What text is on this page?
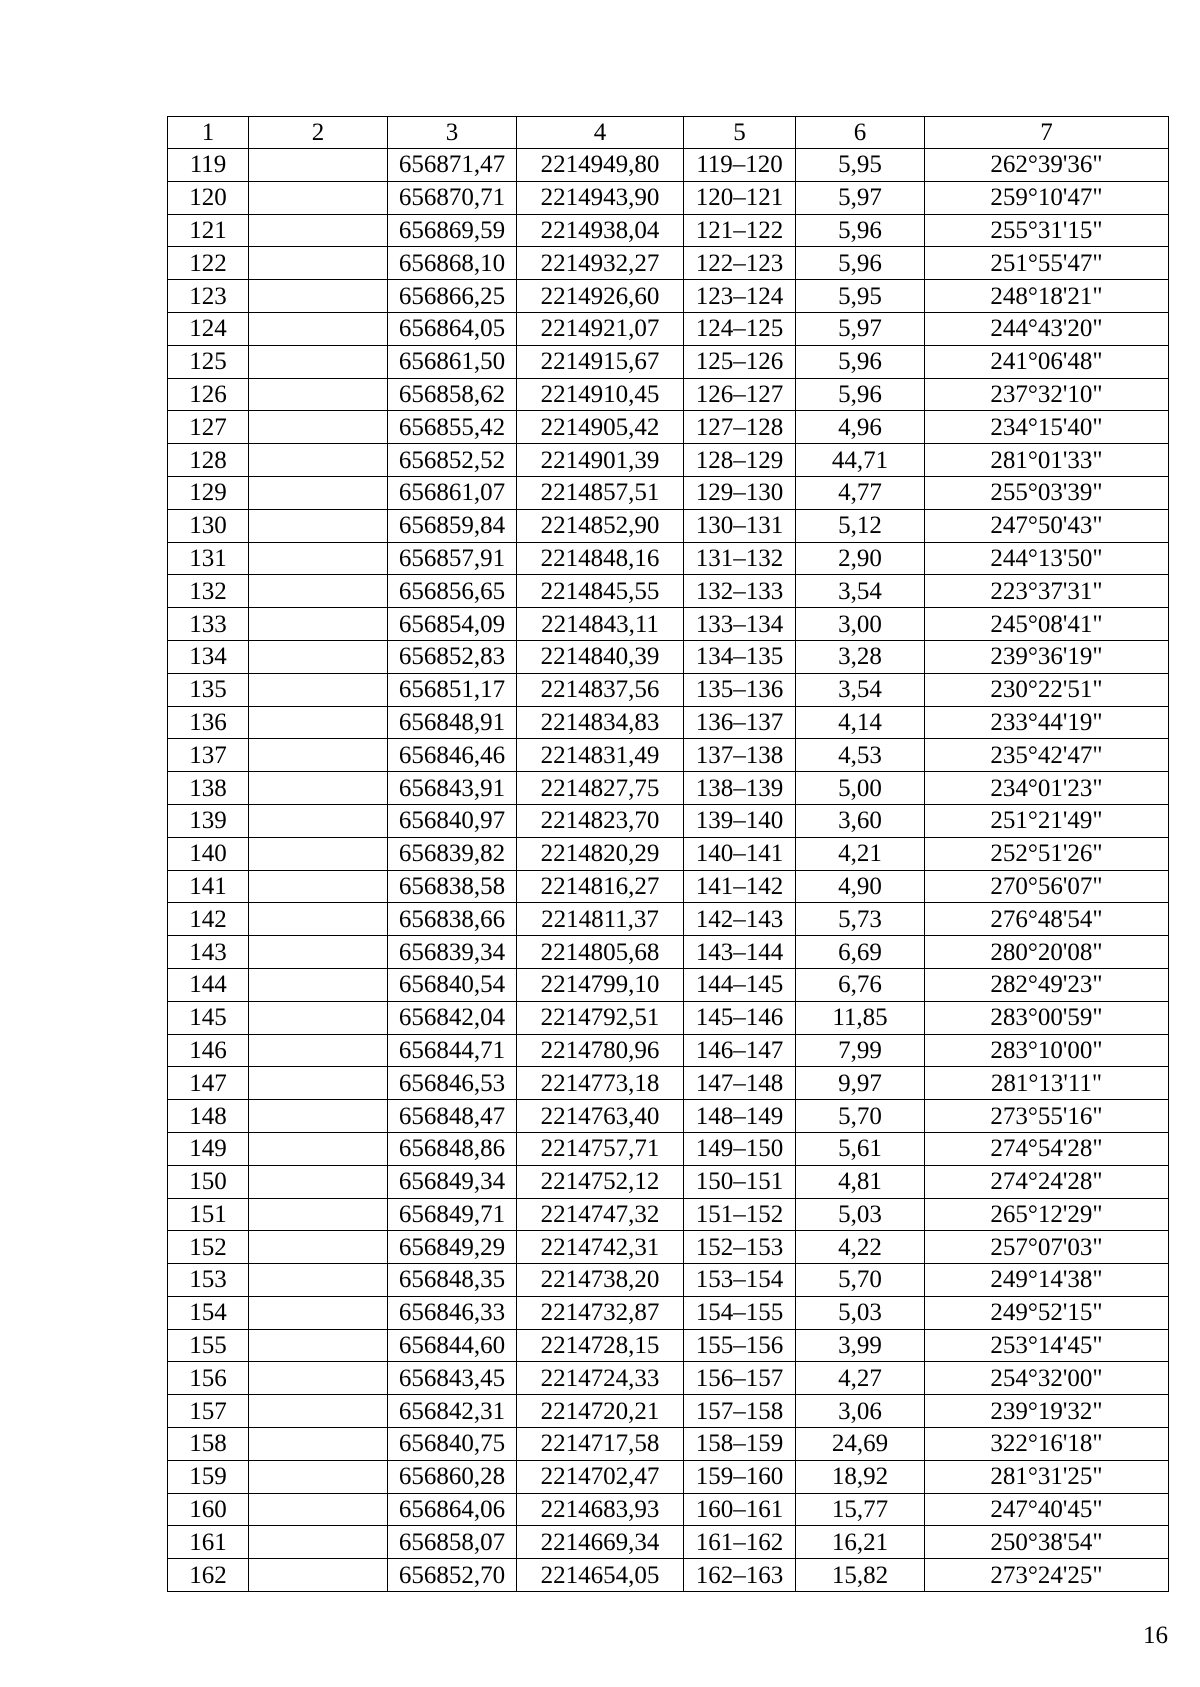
1	2	3	4	5	6	7
119		656871,47	2214949,80	119–120	5,95	262°39'36"
120		656870,71	2214943,90	120–121	5,97	259°10'47"
121		656869,59	2214938,04	121–122	5,96	255°31'15"
122		656868,10	2214932,27	122–123	5,96	251°55'47"
123		656866,25	2214926,60	123–124	5,95	248°18'21"
124		656864,05	2214921,07	124–125	5,97	244°43'20"
125		656861,50	2214915,67	125–126	5,96	241°06'48"
126		656858,62	2214910,45	126–127	5,96	237°32'10"
127		656855,42	2214905,42	127–128	4,96	234°15'40"
128		656852,52	2214901,39	128–129	44,71	281°01'33"
129		656861,07	2214857,51	129–130	4,77	255°03'39"
130		656859,84	2214852,90	130–131	5,12	247°50'43"
131		656857,91	2214848,16	131–132	2,90	244°13'50"
132		656856,65	2214845,55	132–133	3,54	223°37'31"
133		656854,09	2214843,11	133–134	3,00	245°08'41"
134		656852,83	2214840,39	134–135	3,28	239°36'19"
135		656851,17	2214837,56	135–136	3,54	230°22'51"
136		656848,91	2214834,83	136–137	4,14	233°44'19"
137		656846,46	2214831,49	137–138	4,53	235°42'47"
138		656843,91	2214827,75	138–139	5,00	234°01'23"
139		656840,97	2214823,70	139–140	3,60	251°21'49"
140		656839,82	2214820,29	140–141	4,21	252°51'26"
141		656838,58	2214816,27	141–142	4,90	270°56'07"
142		656838,66	2214811,37	142–143	5,73	276°48'54"
143		656839,34	2214805,68	143–144	6,69	280°20'08"
144		656840,54	2214799,10	144–145	6,76	282°49'23"
145		656842,04	2214792,51	145–146	11,85	283°00'59"
146		656844,71	2214780,96	146–147	7,99	283°10'00"
147		656846,53	2214773,18	147–148	9,97	281°13'11"
148		656848,47	2214763,40	148–149	5,70	273°55'16"
149		656848,86	2214757,71	149–150	5,61	274°54'28"
150		656849,34	2214752,12	150–151	4,81	274°24'28"
151		656849,71	2214747,32	151–152	5,03	265°12'29"
152		656849,29	2214742,31	152–153	4,22	257°07'03"
153		656848,35	2214738,20	153–154	5,70	249°14'38"
154		656846,33	2214732,87	154–155	5,03	249°52'15"
155		656844,60	2214728,15	155–156	3,99	253°14'45"
156		656843,45	2214724,33	156–157	4,27	254°32'00"
157		656842,31	2214720,21	157–158	3,06	239°19'32"
158		656840,75	2214717,58	158–159	24,69	322°16'18"
159		656860,28	2214702,47	159–160	18,92	281°31'25"
160		656864,06	2214683,93	160–161	15,77	247°40'45"
161		656858,07	2214669,34	161–162	16,21	250°38'54"
162		656852,70	2214654,05	162–163	15,82	273°24'25"
16
